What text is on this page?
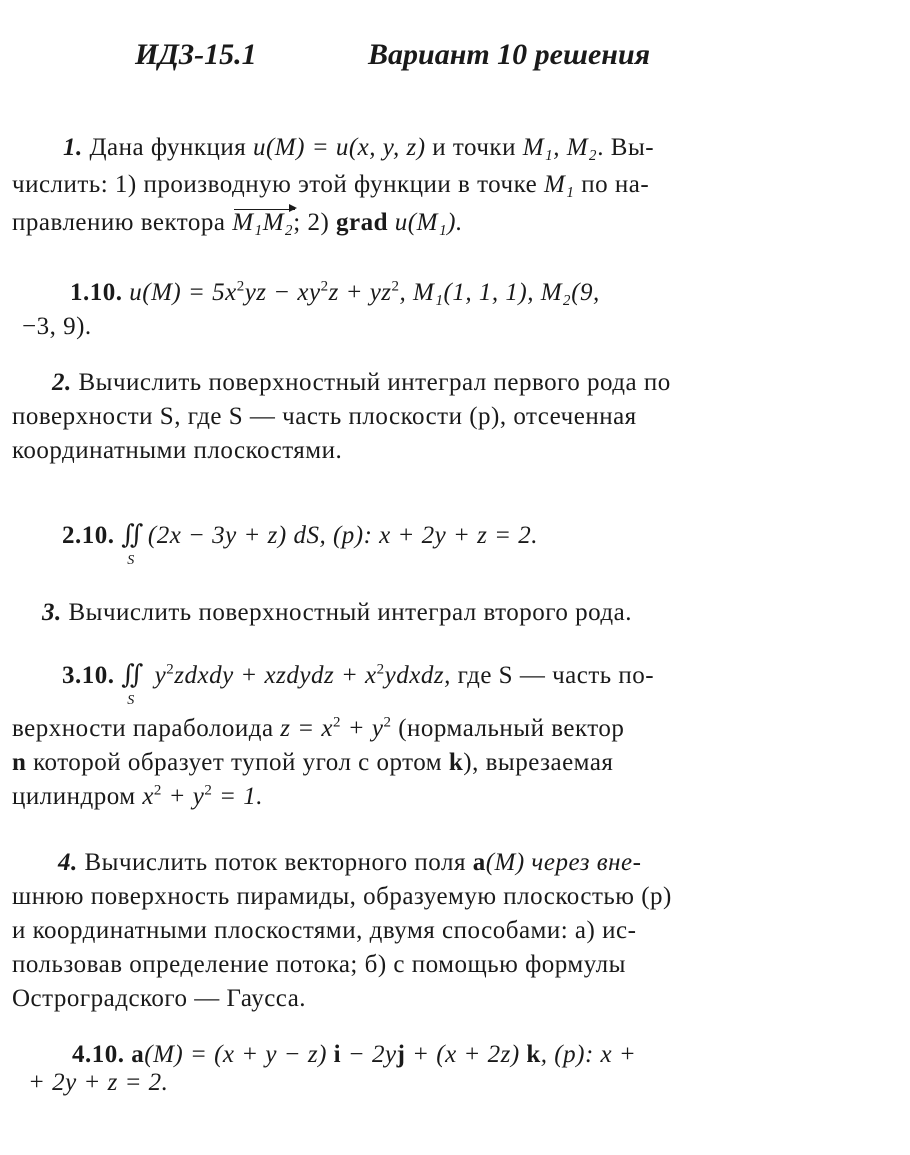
ИДЗ-15.1	Вариант 10 решения
1. Дана функция u(M) = u(x, y, z) и точки M₁, M₂. Вы-
числить: 1) производную этой функции в точке M₁ по на-
правлению вектора M₁M₂; 2) grad u(M₁).
1.10. $u(M) = 5x^2yz - xy^2z + yz^2$, M₁(1, 1, 1), M₂(9,
−3, 9).
2. Вычислить поверхностный интеграл первого рода по
поверхности S, где S — часть плоскости (p), отсеченная
координатными плоскостями.
2.10. ∬
S
(2x − 3y + z) dS, (p): x + 2y + z = 2.
3. Вычислить поверхностный интеграл второго рода.
3.10. ∬
S
$y^2zdxdy$ + xzdydz + $x^2ydxdz$, где S — часть по-
верхности параболоида $z = x^2 + y^2$ (нормальный вектор
n которой образует тупой угол с ортом k), вырезаемая
цилиндром $x^2 + y^2 = 1$.
4. Вычислить поток векторного поля a(M) через вне-
шнюю поверхность пирамиды, образуемую плоскостью (p)
и координатными плоскостями, двумя способами: а) ис-
пользовав определение потока; б) с помощью формулы
Остроградского — Гаусса.
4.10. a(M) = (x + y − z) i − 2yj + (x + 2z) k, (p): x +
+ 2y + z = 2.
